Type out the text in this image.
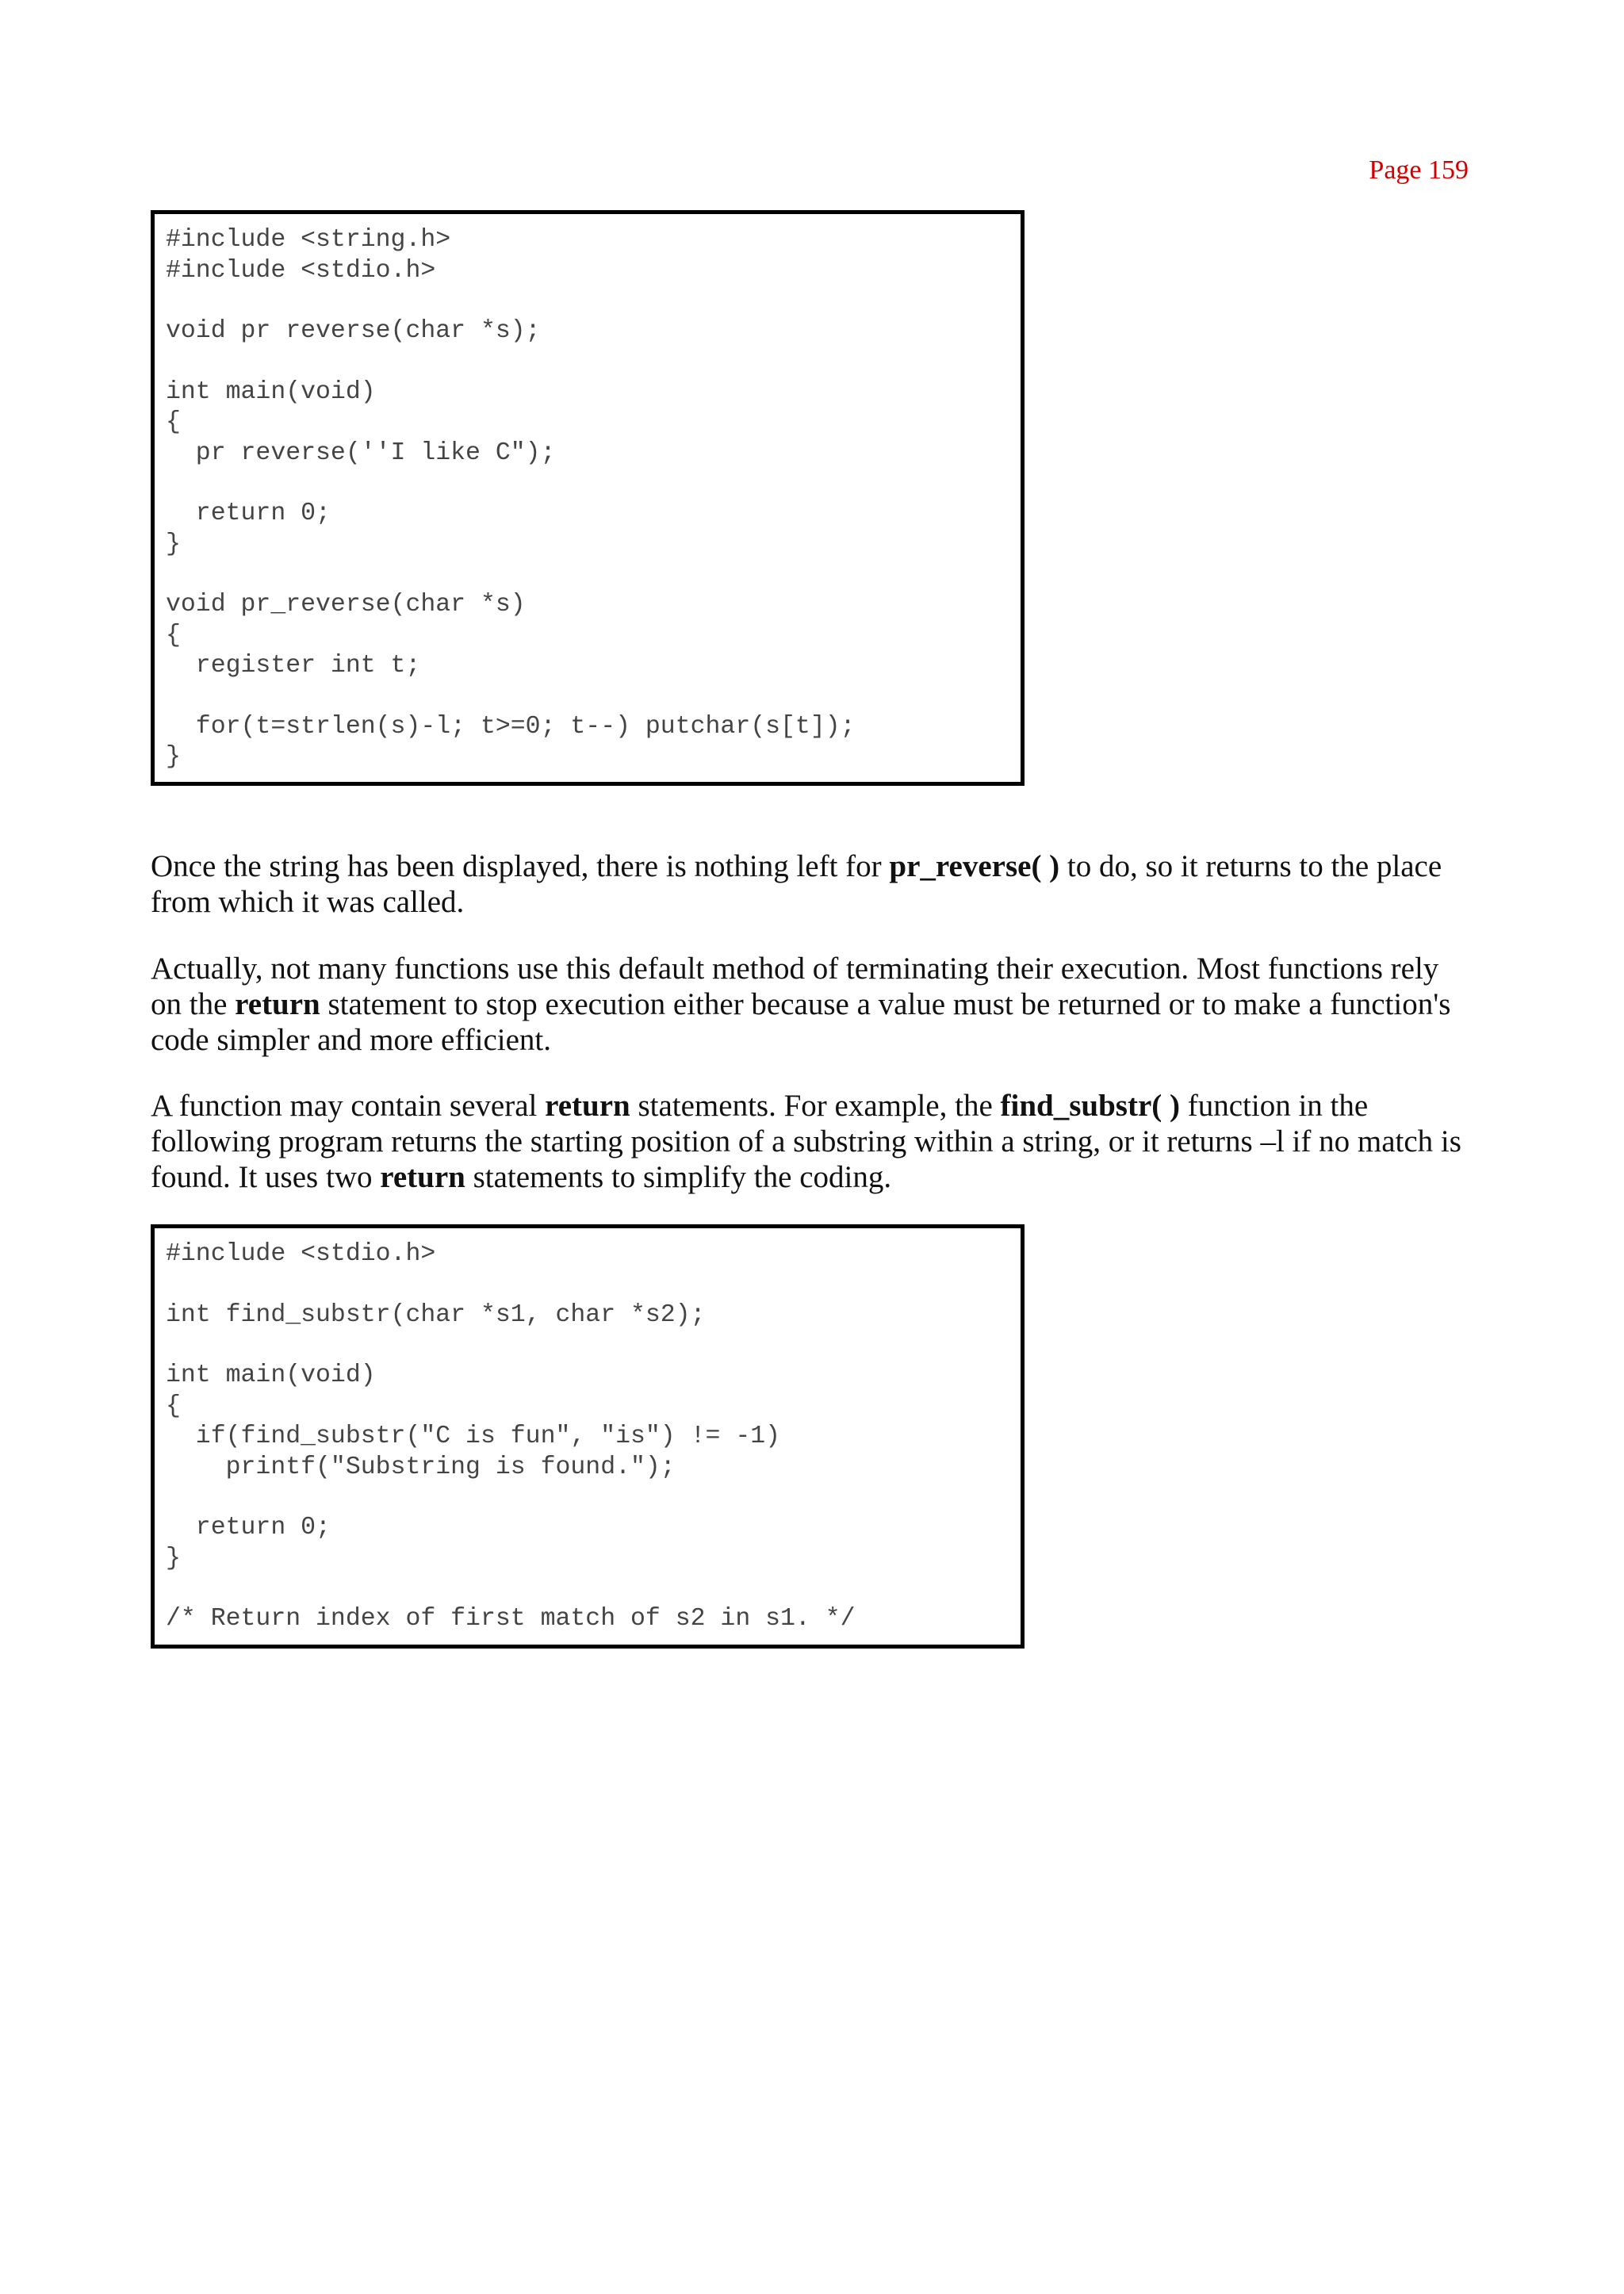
Page 159
#include <string.h>
#include <stdio.h>
void pr reverse(char *s);
int main(void)
{
pr reverse(''I like C");
return 0;
}
void pr_reverse(char *s)
{
register int t;
for(t=strlen(s)-l; t>=0; t--) putchar(s[t]);
}

Once the string has been displayed, there is nothing left for pr_reverse( ) to do, so it returns to the place from which it was called.

Actually, not many functions use this default method of terminating their execution. Most functions rely on the return statement to stop execution either because a value must be returned or to make a function's code simpler and more efficient.

A function may contain several return statements. For example, the find_substr( ) function in the following program returns the starting position of a substring within a string, or it returns –l if no match is found. It uses two return statements to simplify the coding.

#include <stdio.h>
int find_substr(char *s1, char *s2);
int main(void)
{
if(find_substr("C is fun", "is") != -1)
printf("Substring is found.");
return 0;
}
/* Return index of first match of s2 in s1. */
